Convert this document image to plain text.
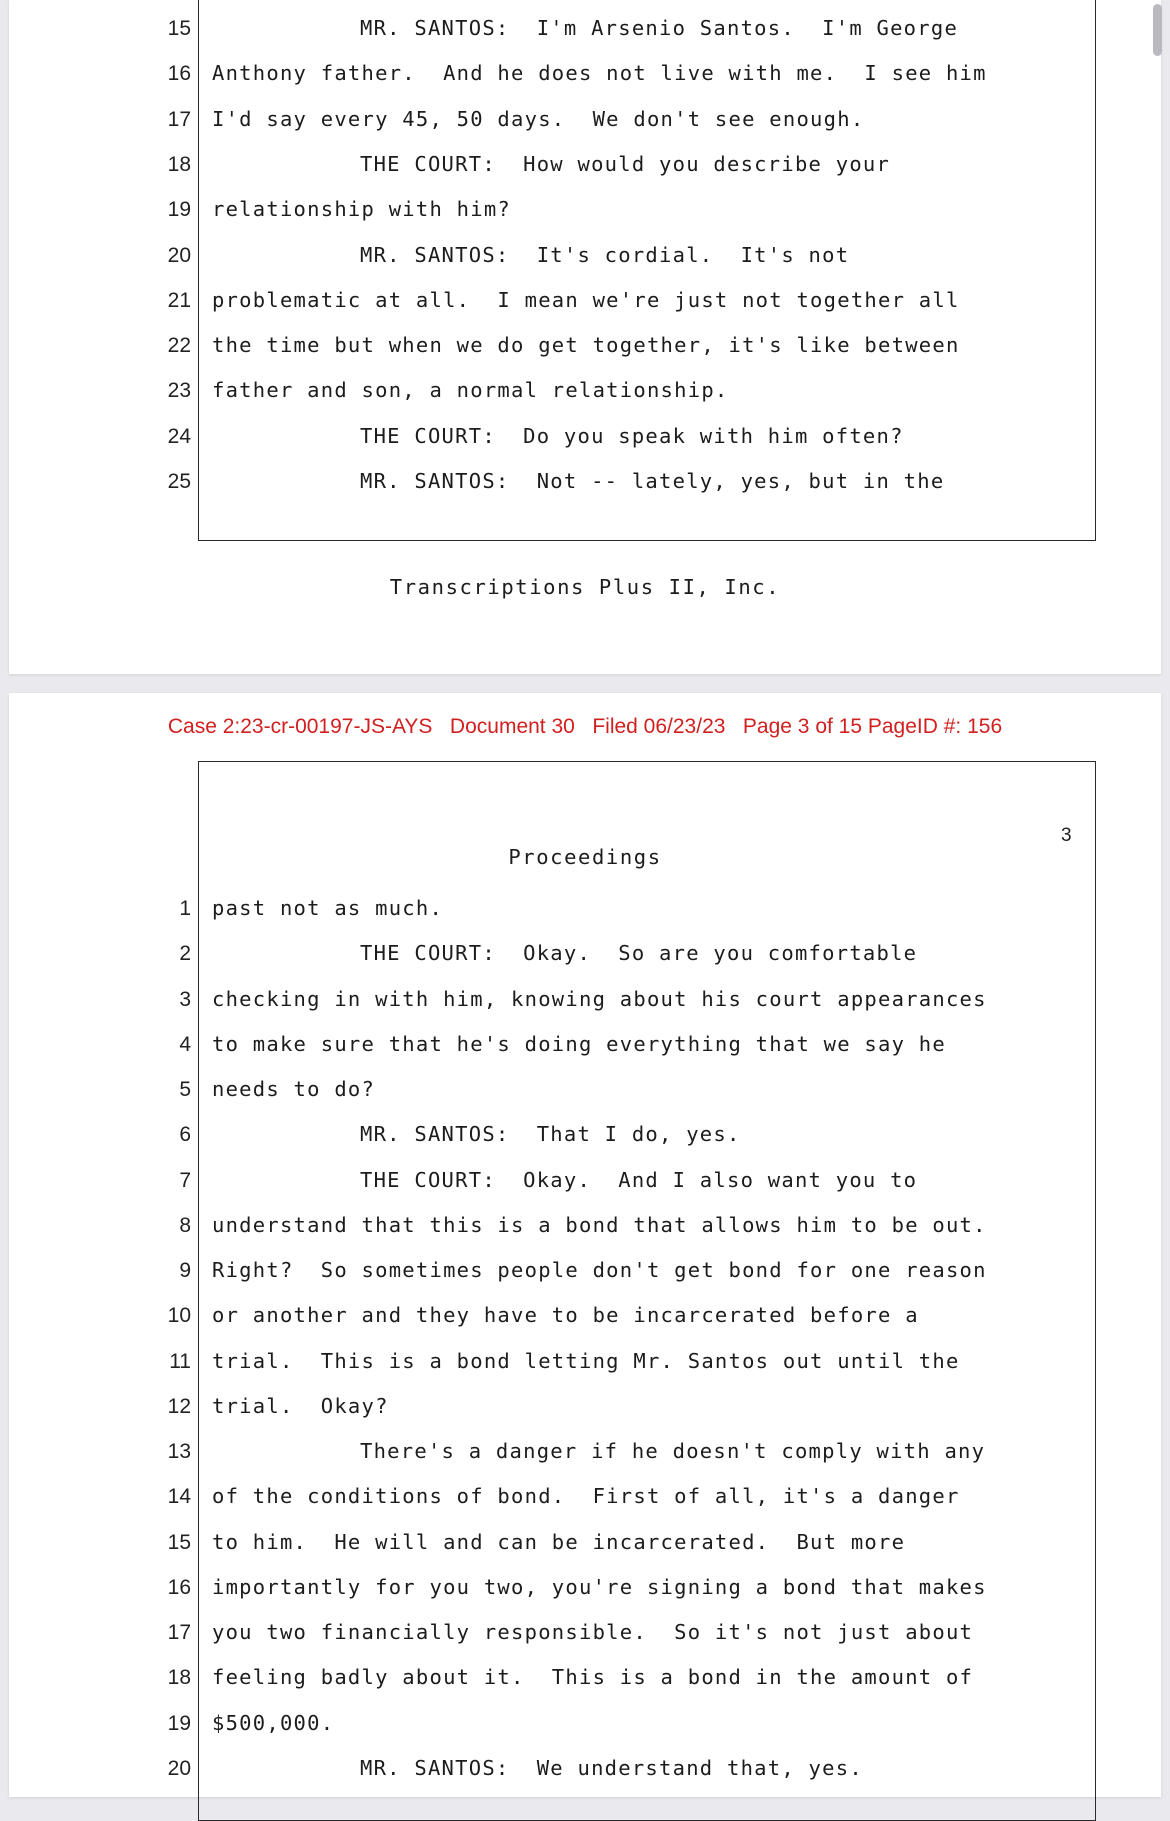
15	MR. SANTOS:  I'm Arsenio Santos.  I'm George
16 Anthony father.  And he does not live with me.  I see him
17 I'd say every 45, 50 days.  We don't see enough.
18	THE COURT:  How would you describe your
19 relationship with him?
20	MR. SANTOS:  It's cordial.  It's not
21 problematic at all.  I mean we're just not together all
22 the time but when we do get together, it's like between
23 father and son, a normal relationship.
24	THE COURT:  Do you speak with him often?
25	MR. SANTOS:  Not -- lately, yes, but in the
Transcriptions Plus II, Inc.
Case 2:23-cr-00197-JS-AYS   Document 30   Filed 06/23/23   Page 3 of 15 PageID #: 156
3
Proceedings
1 past not as much.
2	THE COURT:  Okay.  So are you comfortable
3 checking in with him, knowing about his court appearances
4 to make sure that he's doing everything that we say he
5 needs to do?
6	MR. SANTOS:  That I do, yes.
7	THE COURT:  Okay.  And I also want you to
8 understand that this is a bond that allows him to be out.
9 Right?  So sometimes people don't get bond for one reason
10 or another and they have to be incarcerated before a
11 trial.  This is a bond letting Mr. Santos out until the
12 trial.  Okay?
13	There's a danger if he doesn't comply with any
14 of the conditions of bond.  First of all, it's a danger
15 to him.  He will and can be incarcerated.  But more
16 importantly for you two, you're signing a bond that makes
17 you two financially responsible.  So it's not just about
18 feeling badly about it.  This is a bond in the amount of
19 $500,000.
20	MR. SANTOS:  We understand that, yes.
